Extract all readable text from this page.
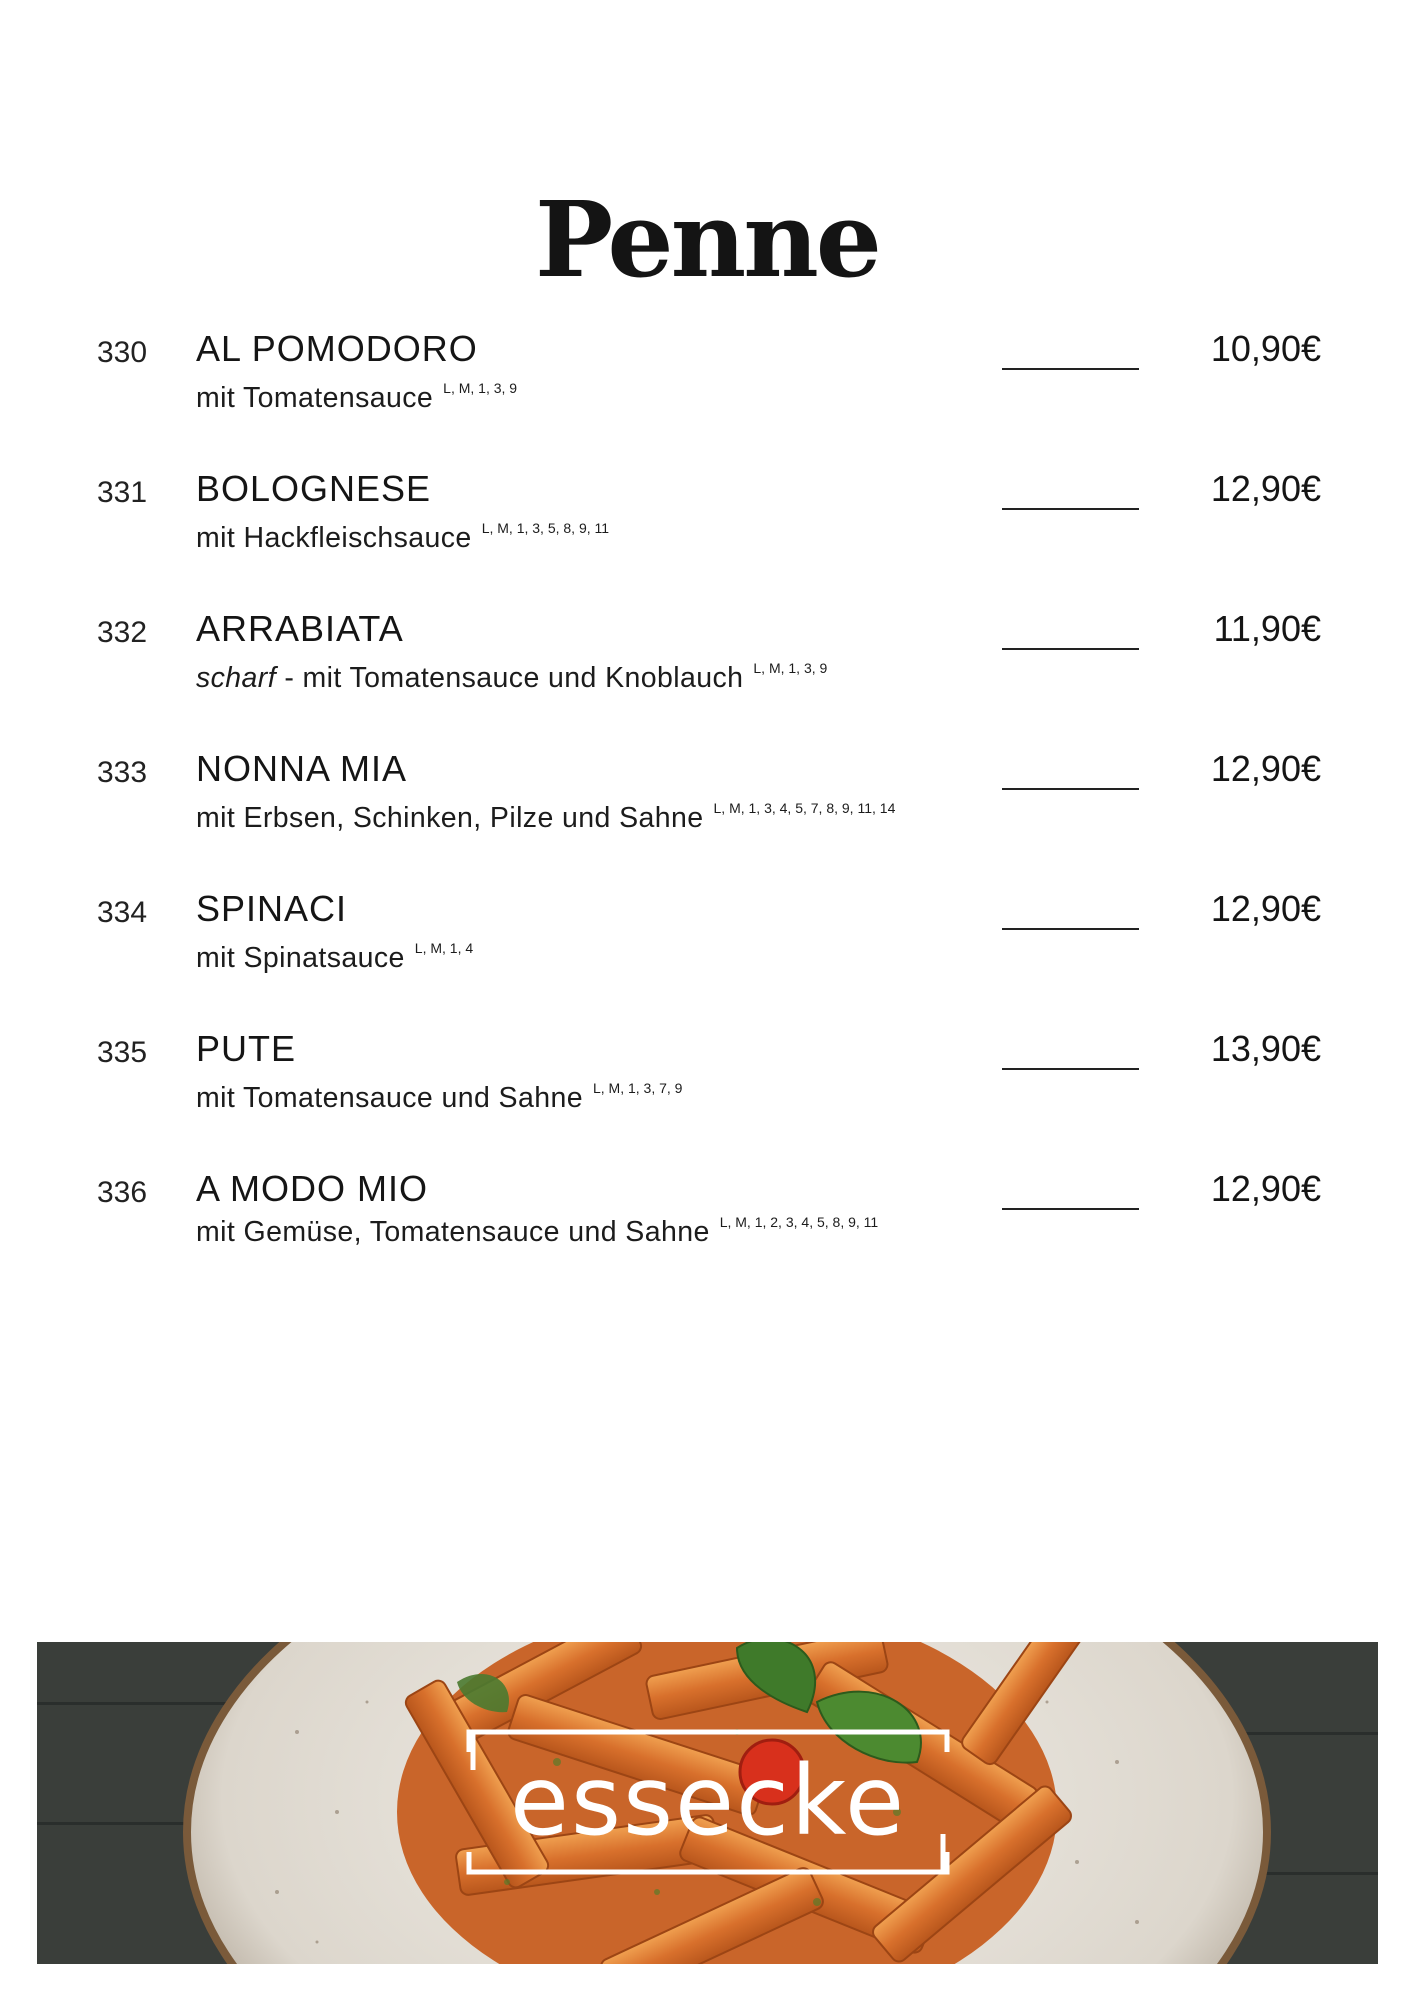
Penne
330 AL POMODORO
mit Tomatensauce $^{L, M, 1, 3, 9}$
10,90€
331 BOLOGNESE
mit Hackfleischsauce $^{L, M, 1, 3, 5, 8, 9, 11}$
12,90€
332 ARRABIATA
scharf - mit Tomatensauce und Knoblauch $^{L, M, 1, 3, 9}$
11,90€
333 NONNA MIA
mit Erbsen, Schinken, Pilze und Sahne $^{L, M, 1, 3, 4, 5, 7, 8, 9, 11, 14}$
12,90€
334 SPINACI
mit Spinatsauce $^{L, M, 1, 4}$
12,90€
335 PUTE
mit Tomatensauce und Sahne $^{L, M, 1, 3, 7, 9}$
13,90€
336 A MODO MIO
mit Gemüse, Tomatensauce und Sahne $^{L, M, 1, 2, 3, 4, 5, 8, 9, 11}$
12,90€
essecke
